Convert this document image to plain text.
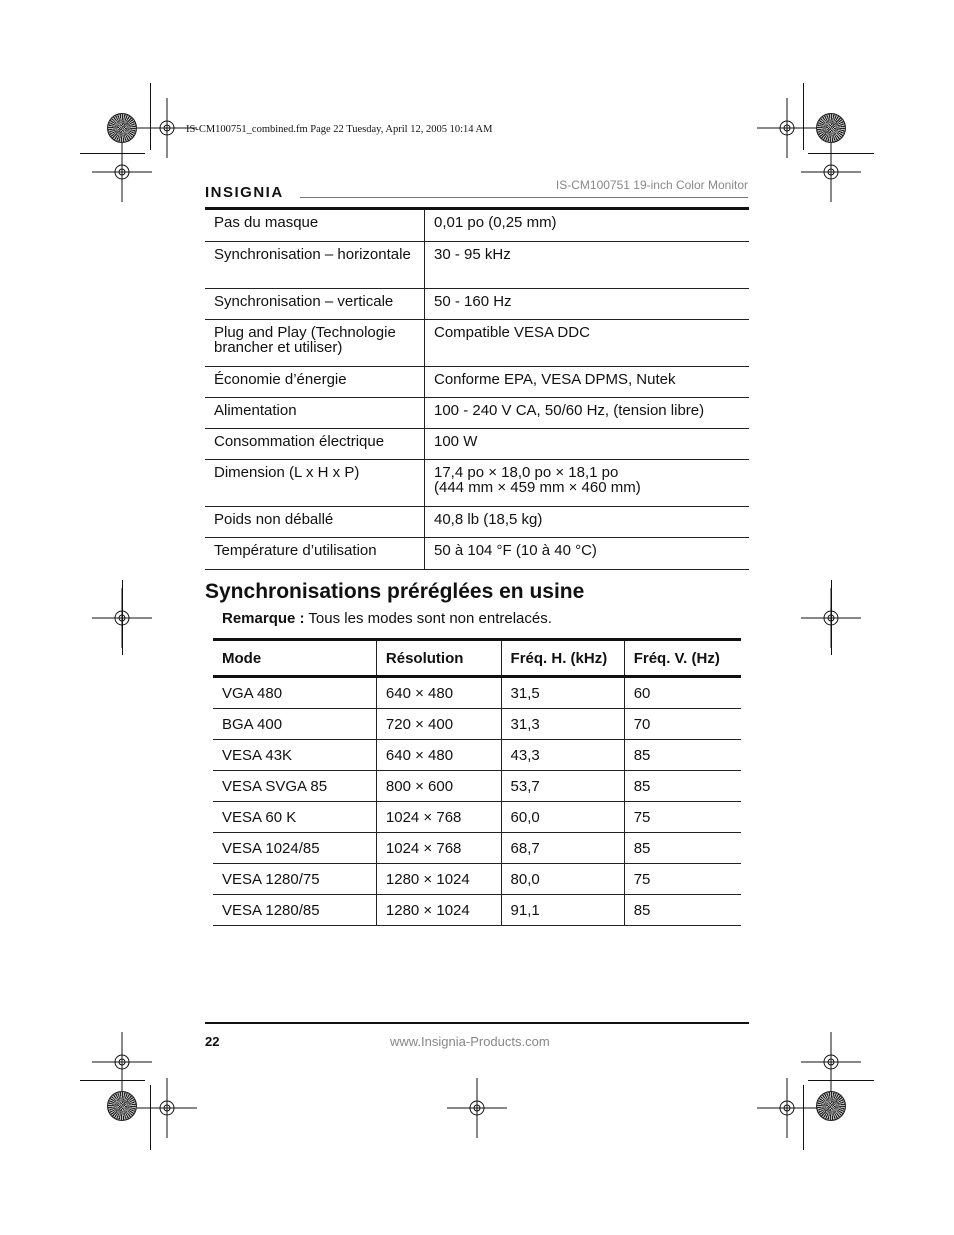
IS-CM100751_combined.fm Page 22 Tuesday, April 12, 2005 10:14 AM
INSIGNIA	IS-CM100751 19-inch Color Monitor
Pas du masque	0,01 po (0,25 mm)

Synchronisation – horizontale	30 - 95 kHz

Synchronisation – verticale	50 - 160 Hz

Plug and Play (Technologie brancher et utiliser)	Compatible VESA DDC

Économie d’énergie	Conforme EPA, VESA DPMS, Nutek

Alimentation	100 - 240 V CA, 50/60 Hz, (tension libre)

Consommation électrique	100 W

Dimension (L x H x P)	17,4 po × 18,0 po × 18,1 po
(444 mm × 459 mm × 460 mm)

Poids non déballé	40,8 lb (18,5 kg)

Température d’utilisation	50 à 104 °F (10 à 40 °C)
Synchronisations préréglées en usine
Remarque : Tous les modes sont non entrelacés.
Mode	Résolution	Fréq. H. (kHz)	Fréq. V. (Hz)
VGA 480	640 × 480	31,5	60
BGA 400	720 × 400	31,3	70
VESA 43K	640 × 480	43,3	85
VESA SVGA 85	800 × 600	53,7	85
VESA 60 K	1024 × 768	60,0	75
VESA 1024/85	1024 × 768	68,7	85
VESA 1280/75	1280 × 1024	80,0	75
VESA 1280/85	1280 × 1024	91,1	85
22	www.Insignia-Products.com
